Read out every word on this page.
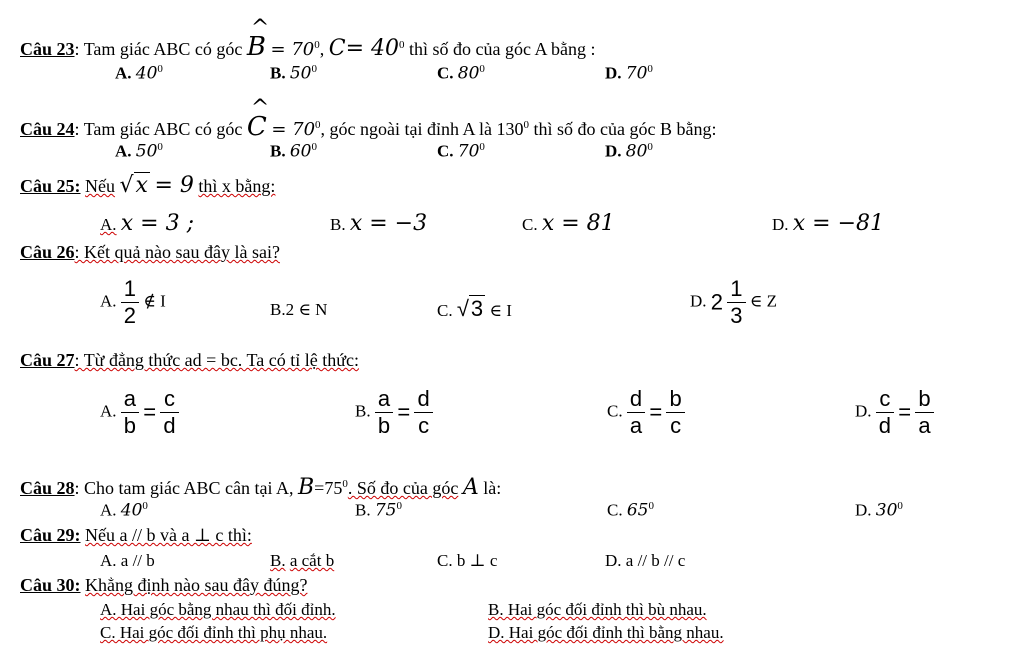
Câu 23: Tam giác ABC có góc ^ $B = 70^0$, $C= 40^0$ thì số đo của góc A bằng :
A. $40^0$	B. $50^0$	C. $80^0$	D. $70^0$
Câu 24: Tam giác ABC có góc ^ $C = 70^0$, góc ngoài tại đỉnh A là $130^0$ thì số đo của góc B bằng:
A. $50^0$	B. $60^0$	C. $70^0$	D. $80^0$
Câu 25: Nếu √x = 9 thì x bằng:
A. x = 3 ;	B. x = −3	C. x = 81	D. x = −81
Câu 26: Kết quả nào sau đây là sai?
A. $\frac{1}{2}$ ∉ I	B.2 ∈ N	C. √3 ∈ I
D. $2 \frac{1}{3}$ ∈ Z
Câu 27: Từ đẳng thức ad = bc. Ta có tỉ lệ thức:
A. $\frac{a}{b} = \frac{c}{d}$	B. $\frac{a}{b} = \frac{d}{c}$	C. $\frac{d}{a} = \frac{b}{c}$	D. $\frac{c}{d} = \frac{b}{a}$
Câu 28: Cho tam giác ABC cân tại A, $B=75^0$. Số đo của góc A là:
A. $40^0$	B. $75^0$	C. $65^0$	D. $30^0$
Câu 29: Nếu a // b và a ⊥ c thì:
A. a // b	B. a cắt b	C. b ⊥ c	D. a // b // c
Câu 30: Khẳng định nào sau đây đúng?
A. Hai góc bằng nhau thì đối đỉnh.	B. Hai góc đối đỉnh thì bù nhau.
C. Hai góc đối đỉnh thì phụ nhau.	D. Hai góc đối đỉnh thì bằng nhau.
